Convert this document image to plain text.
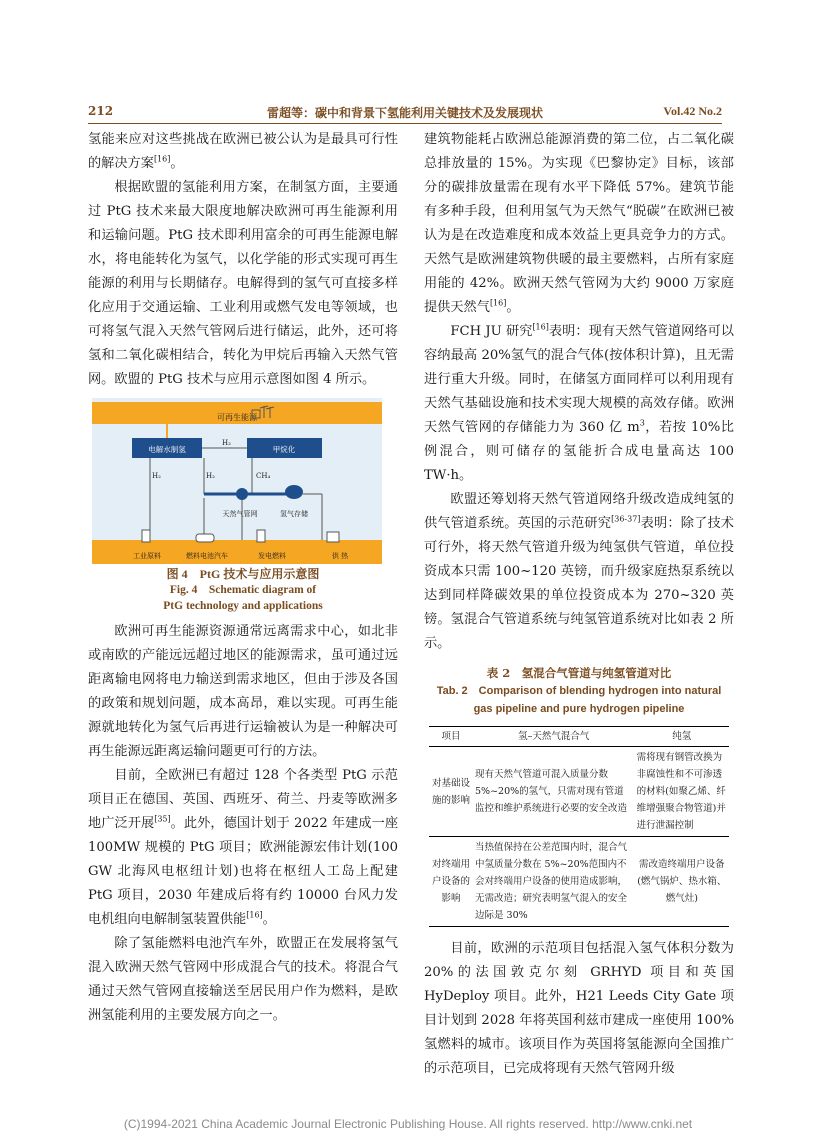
212	雷超等：碳中和背景下氢能利用关键技术及发展现状	Vol.42 No.2

氢能来应对这些挑战在欧洲已被公认为是最具可行性的解决方案[16]。

根据欧盟的氢能利用方案，在制氢方面，主要通过 PtG 技术来最大限度地解决欧洲可再生能源利用和运输问题。PtG 技术即利用富余的可再生能源电解水，将电能转化为氢气，以化学能的形式实现可再生能源的利用与长期储存。电解得到的氢气可直接多样化应用于交通运输、工业利用或燃气发电等领域，也可将氢气混入天然气管网后进行储运，此外，还可将氢和二氧化碳相结合，转化为甲烷后再输入天然气管网。欧盟的 PtG 技术与应用示意图如图 4 所示。

可再生能源
电解水制氢	甲烷化
H₂
H₂	H₂	CH₄
天然气管网	氢气存储
工业原料	燃料电池汽车	发电燃料	供 热
图 4　PtG 技术与应用示意图
Fig. 4　Schematic diagram of
PtG technology and applications

欧洲可再生能源资源通常远离需求中心，如北非或南欧的产能远远超过地区的能源需求，虽可通过远距离输电网将电力输送到需求地区，但由于涉及各国的政策和规划问题，成本高昂，难以实现。可再生能源就地转化为氢气后再进行运输被认为是一种解决可再生能源远距离运输问题更可行的方法。

目前，全欧洲已有超过 128 个各类型 PtG 示范项目正在德国、英国、西班牙、荷兰、丹麦等欧洲多地广泛开展[35]。此外，德国计划于 2022 年建成一座 100MW 规模的 PtG 项目；欧洲能源宏伟计划(100 GW 北海风电枢纽计划)也将在枢纽人工岛上配建 PtG 项目，2030 年建成后将有约 10000 台风力发电机组向电解制氢装置供能[16]。

除了氢能燃料电池汽车外，欧盟正在发展将氢气混入欧洲天然气管网中形成混合气的技术。将混合气通过天然气管网直接输送至居民用户作为燃料，是欧洲氢能利用的主要发展方向之一。

建筑物能耗占欧洲总能源消费的第二位，占二氧化碳总排放量的 15%。为实现《巴黎协定》目标，该部分的碳排放量需在现有水平下降低 57%。建筑节能有多种手段，但利用氢气为天然气“脱碳”在欧洲已被认为是在改造难度和成本效益上更具竞争力的方式。天然气是欧洲建筑物供暖的最主要燃料，占所有家庭用能的 42%。欧洲天然气管网为大约 9000 万家庭提供天然气[16]。

FCH JU 研究[16]表明：现有天然气管道网络可以容纳最高 20%氢气的混合气体(按体积计算)，且无需进行重大升级。同时，在储氢方面同样可以利用现有天然气基础设施和技术实现大规模的高效存储。欧洲天然气管网的存储能力为 360 亿 $m^3$，若按 10%比例混合，则可储存的氢能折合成电量高达 100 TW·h。

欧盟还筹划将天然气管道网络升级改造成纯氢的供气管道系统。英国的示范研究[36-37]表明：除了技术可行外，将天然气管道升级为纯氢供气管道，单位投资成本只需 100~120 英镑，而升级家庭热泵系统以达到同样降碳效果的单位投资成本为 270~320 英镑。氢混合气管道系统与纯氢管道系统对比如表 2 所示。

表 2　氢混合气管道与纯氢管道对比
Tab. 2　Comparison of blending hydrogen into natural
gas pipeline and pure hydrogen pipeline
项目	氢–天然气混合气	纯氢
对基础设施的影响	现有天然气管道可混入质量分数 5%~20%的氢气，只需对现有管道监控和维护系统进行必要的安全改造	需将现有钢管改换为非腐蚀性和不可渗透的材料(如聚乙烯、纤维增强聚合物管道)并进行泄漏控制
对终端用户设备的影响	当热值保持在公差范围内时，混合气中氢质量分数在 5%~20%范围内不会对终端用户设备的使用造成影响，无需改造；研究表明氢气混入的安全边际是 30%	需改造终端用户设备(燃气锅炉、热水箱、燃气灶)

目前，欧洲的示范项目包括混入氢气体积分数为 20%的法国敦克尔刻 GRHYD 项目和英国 HyDeploy 项目。此外，H21 Leeds City Gate 项目计划到 2028 年将英国利兹市建成一座使用 100%氢燃料的城市。该项目作为英国将氢能源向全国推广的示范项目，已完成将现有天然气管网升级

(C)1994-2021 China Academic Journal Electronic Publishing House. All rights reserved. http://www.cnki.net
